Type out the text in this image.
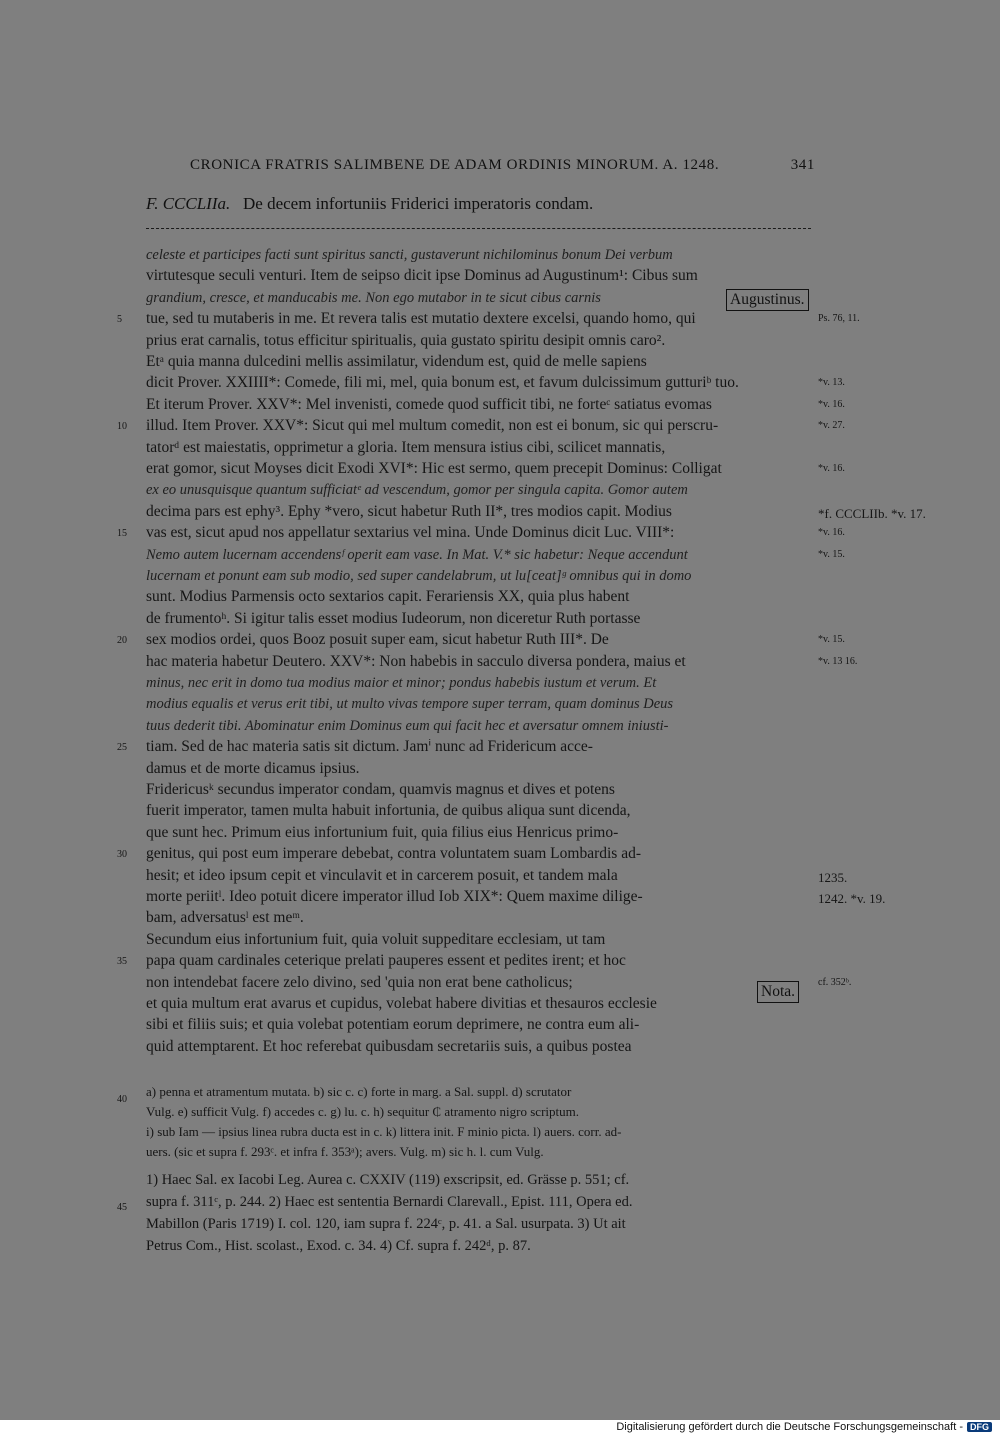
CRONICA FRATRIS SALIMBENE DE ADAM ORDINIS MINORUM. A. 1248.	341
F. CCCLIIa. De decem infortuniis Friderici imperatoris condam.
celeste et participes facti sunt spiritus sancti, gustaverunt nichilominus bonum Dei verbum
virtutesque seculi venturi. Item de seipso dicit ipse Dominus ad Augustinum¹: Cibus sum
grandium, cresce, et manducabis me. Non ego mutabor in te sicut cibus carnis
tue, sed tu mutaberis in me. Et revera talis est mutatio dextere excelsi, quando homo, qui
5	Ps. 76, 11.
prius erat carnalis, totus efficitur spiritualis, quia gustato spiritu desipit omnis caro².
Etᵃ quia manna dulcedini mellis assimilatur, videndum est, quid de melle sapiens
dicit Prover. XXIIII*: Comede, fili mi, mel, quia bonum est, et favum dulcissimum gutturiᵇ tuo.	*v. 13.
Et iterum Prover. XXV*: Mel invenisti, comede quod sufficit tibi, ne fortеᶜ satiatus evomas	*v. 16.
illud. Item Prover. XXV*: Sicut qui mel multum comedit, non est ei bonum, sic qui perscru-
10	*v. 27.
tatorᵈ est maiestatis, opprimetur a gloria. Item mensura istius cibi, scilicet mannatis,
erat gomor, sicut Moyses dicit Exodi XVI*: Hic est sermo, quem precepit Dominus: Colligat	*v. 16.
ex eo unusquisque quantum sufficiatᵉ ad vescendum, gomor per singula capita. Gomor autem
decima pars est ephy³. Ephy *vero, sicut habetur Ruth II*, tres modios capit. Modius	*f. CCCLIIb. *v. 17.
vas est, sicut apud nos appellatur sextarius vel mina. Unde Dominus dicit Luc. VIII*:
15	*v. 16.
Nemo autem lucernam accendensᶠ operit eam vase. In Mat. V.* sic habetur: Neque accendunt	*v. 15.
lucernam et ponunt eam sub modio, sed super candelabrum, ut lu[ceat]ᵍ omnibus qui in domo
sunt. Modius Parmensis octo sextarios capit. Ferariensis XX, quia plus habent
de frumentoʰ. Si igitur talis esset modius Iudeorum, non diceretur Ruth portasse
sex modios ordei, quos Booz posuit super eam, sicut habetur Ruth III*. De
20	*v. 15.
hac materia habetur Deutero. XXV*: Non habebis in sacculo diversa pondera, maius et	*v. 13 16.
minus, nec erit in domo tua modius maior et minor; pondus habebis iustum et verum. Et
modius equalis et verus erit tibi, ut multo vivas tempore super terram, quam dominus Deus
tuus dederit tibi. Abominatur enim Dominus eum qui facit hec et aversatur omnem iniusti-
tiam. Sed de hac materia satis sit dictum. Jamⁱ nunc ad Fridericum acce-
25
damus et de morte dicamus ipsius.
Fridericusᵏ secundus imperator condam, quamvis magnus et dives et potens
fuerit imperator, tamen multa habuit infortunia, de quibus aliqua sunt dicenda,
que sunt hec. Primum eius infortunium fuit, quia filius eius Henricus primo-
genitus, qui post eum imperare debebat, contra voluntatem suam Lombardis ad-
30
hesit; et ideo ipsum cepit et vinculavit et in carcerem posuit, et tandem mala	1235.
morte periitˡ. Ideo potuit dicere imperator illud Iob XIX*: Quem maxime dilige-	1242. *v. 19.
bam, adversatusˡ est meᵐ.
Secundum eius infortunium fuit, quia voluit suppeditare ecclesiam, ut tam
papa quam cardinales ceterique prelati pauperes essent et pedites irent; et hoc
35
non intendebat facere zelo divino, sed 'quia non erat bene catholicus;	cf. 352ᵇ.
et quia multum erat avarus et cupidus, volebat habere divitias et thesauros ecclesie
sibi et filiis suis; et quia volebat potentiam eorum deprimere, ne contra eum ali-
quid attemptarent. Et hoc referebat quibusdam secretariis suis, a quibus postea
Augustinus.
Nota.
40
a) penna et atramentum mutata. b) sic c. c) forte in marg. a Sal. suppl. d) scrutator
Vulg. e) sufficit Vulg. f) accedes c. g) lu. c. h) sequitur ₵ atramento nigro scriptum.
i) sub Iam — ipsius linea rubra ducta est in c. k) littera init. F minio picta. l) auers. corr. ad-
uers. (sic et supra f. 293ᶜ. et infra f. 353ᵃ); avers. Vulg. m) sic h. l. cum Vulg.
45
1) Haec Sal. ex Iacobi Leg. Aurea c. CXXIV (119) exscripsit, ed. Grässe p. 551; cf.
supra f. 311ᶜ, p. 244. 2) Haec est sententia Bernardi Clarevall., Epist. 111, Opera ed.
Mabillon (Paris 1719) I. col. 120, iam supra f. 224ᶜ, p. 41. a Sal. usurpata. 3) Ut ait
Petrus Com., Hist. scolast., Exod. c. 34. 4) Cf. supra f. 242ᵈ, p. 87.
Digitalisierung gefördert durch die Deutsche Forschungsgemeinschaft - DFG
